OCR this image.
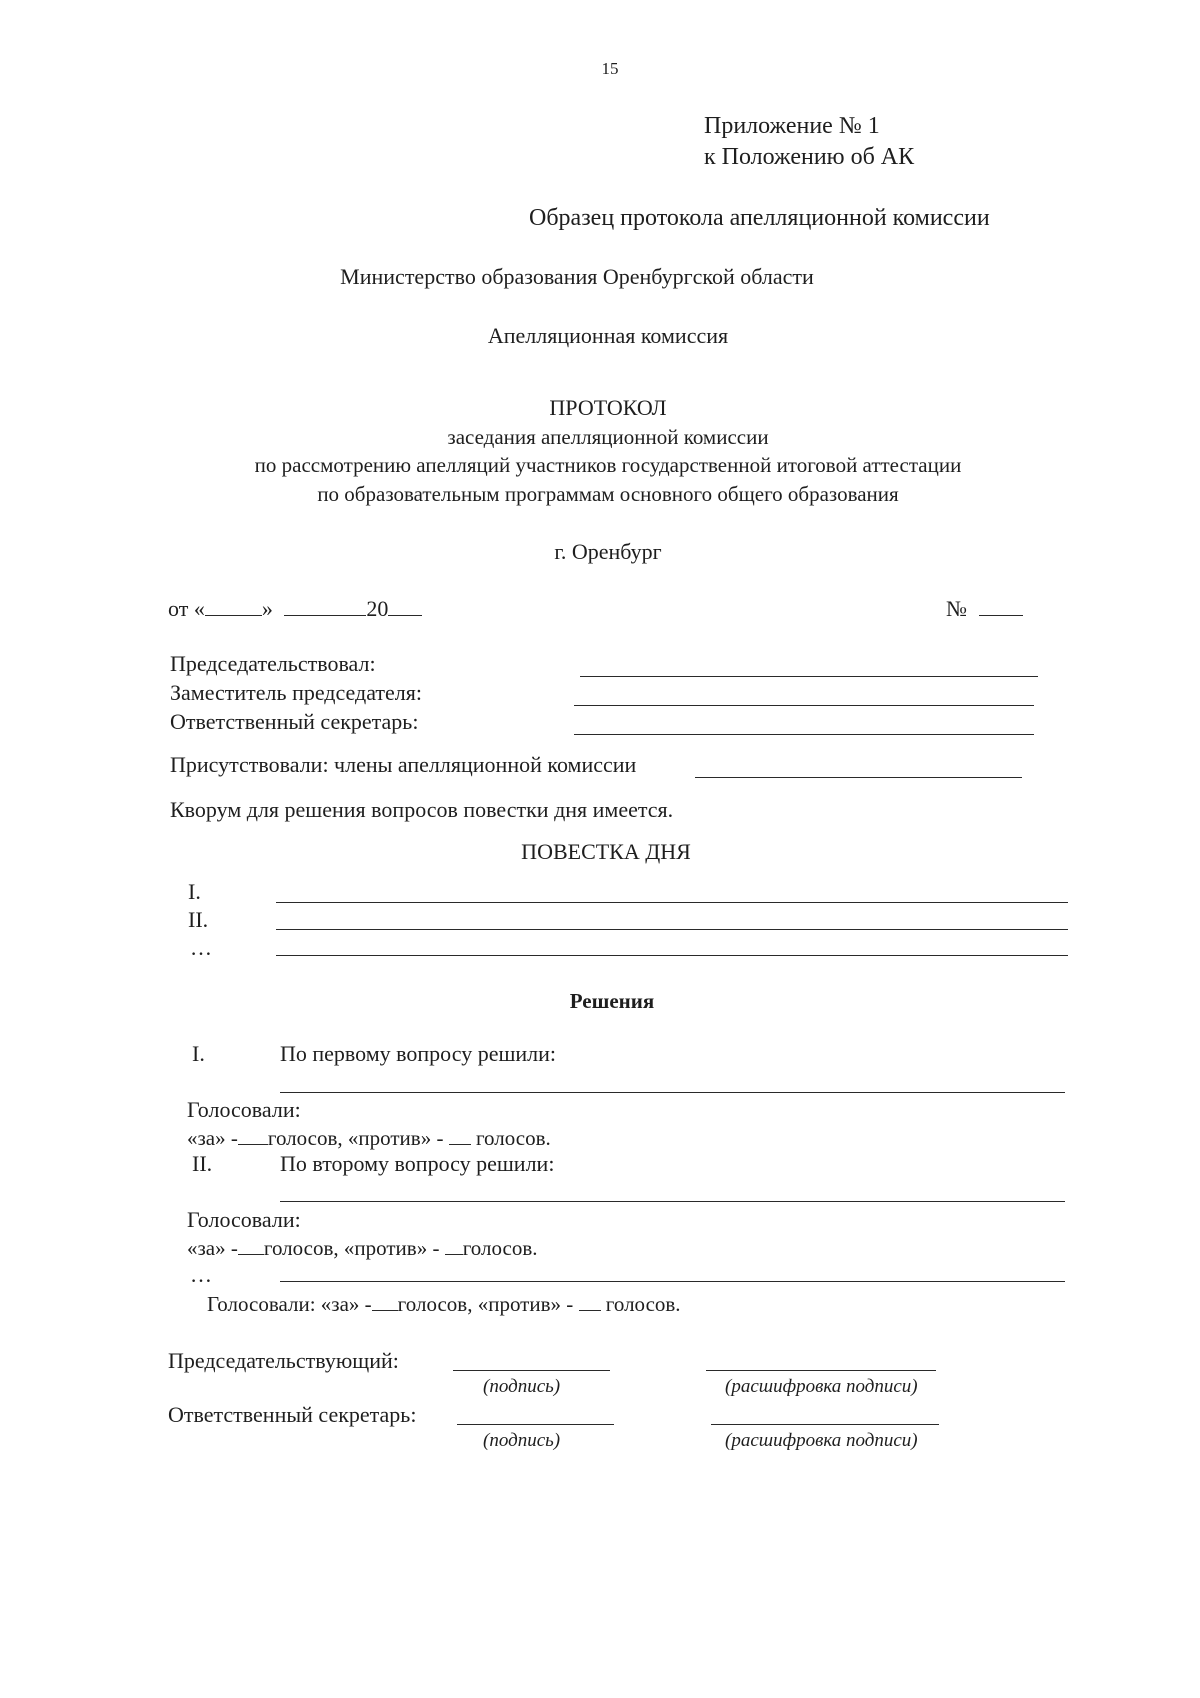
15
Приложение № 1
к Положению об АК
Образец протокола апелляционной комиссии
Министерство образования Оренбургской области
Апелляционная комиссия
ПРОТОКОЛ
заседания апелляционной комиссии
по рассмотрению апелляций участников государственной итоговой аттестации
по образовательным программам основного общего образования
г. Оренбург
от «	»	20	№
Председательствовал:
Заместитель председателя:
Ответственный секретарь:
Присутствовали: члены апелляционной комиссии
Кворум для решения вопросов повестки дня имеется.
ПОВЕСТКА ДНЯ
I.
II.
…
Решения
I.	По первому вопросу решили:
Голосовали:
«за» - голосов, «против» - голосов.
II.	По второму вопросу решили:
Голосовали:
«за» - голосов, «против» - голосов.
…
Голосовали: «за» - голосов, «против» - голосов.
Председательствующий:
(подпись)	(расшифровка подписи)
Ответственный секретарь:
(подпись)	(расшифровка подписи)
